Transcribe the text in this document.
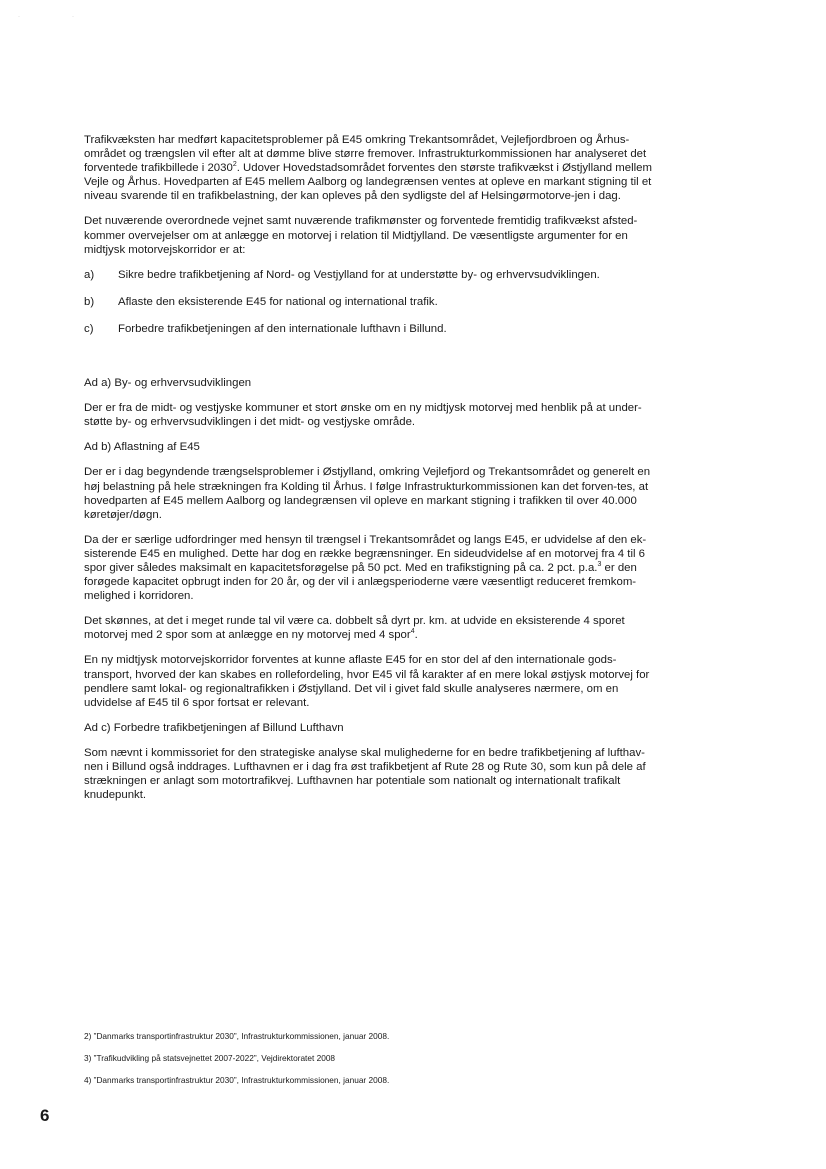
·	·

Trafikvæksten har medført kapacitetsproblemer på E45 omkring Trekantsområdet, Vejlefjordbroen og Århus-området og trængslen vil efter alt at dømme blive større fremover. Infrastrukturkommissionen har analyseret det forventede trafikbillede i 2030$^2$. Udover Hovedstadsområdet forventes den største trafikvækst i Østjylland mellem Vejle og Århus. Hovedparten af E45 mellem Aalborg og landegrænsen ventes at opleve en markant stigning til et niveau svarende til en trafikbelastning, der kan opleves på den sydligste del af Helsingørmotorve-jen i dag.

Det nuværende overordnede vejnet samt nuværende trafikmønster og forventede fremtidig trafikvækst afsted-kommer overvejelser om at anlægge en motorvej i relation til Midtjylland. De væsentligste argumenter for en midtjysk motorvejskorridor er at:

a)	Sikre bedre trafikbetjening af Nord- og Vestjylland for at understøtte by- og erhvervsudviklingen.
b)	Aflaste den eksisterende E45 for national og international trafik.
c)	Forbedre trafikbetjeningen af den internationale lufthavn i Billund.

Ad a) By- og erhvervsudviklingen

Der er fra de midt- og vestjyske kommuner et stort ønske om en ny midtjysk motorvej med henblik på at under-støtte by- og erhvervsudviklingen i det midt- og vestjyske område.

Ad b) Aflastning af E45

Der er i dag begyndende trængselsproblemer i Østjylland, omkring Vejlefjord og Trekantsområdet og generelt en høj belastning på hele strækningen fra Kolding til Århus. I følge Infrastrukturkommissionen kan det forven-tes, at hovedparten af E45 mellem Aalborg og landegrænsen vil opleve en markant stigning i trafikken til over 40.000 køretøjer/døgn.

Da der er særlige udfordringer med hensyn til trængsel i Trekantsområdet og langs E45, er udvidelse af den ek-sisterende E45 en mulighed. Dette har dog en række begrænsninger. En sideudvidelse af en motorvej fra 4 til 6 spor giver således maksimalt en kapacitetsforøgelse på 50 pct. Med en trafikstigning på ca. 2 pct. p.a.$^3$ er den forøgede kapacitet opbrugt inden for 20 år, og der vil i anlægsperioderne være væsentligt reduceret fremkom-melighed i korridoren.

Det skønnes, at det i meget runde tal vil være ca. dobbelt så dyrt pr. km. at udvide en eksisterende 4 sporet motorvej med 2 spor som at anlægge en ny motorvej med 4 spor$^4$.

En ny midtjysk motorvejskorridor forventes at kunne aflaste E45 for en stor del af den internationale gods-transport, hvorved der kan skabes en rollefordeling, hvor E45 vil få karakter af en mere lokal østjysk motorvej for pendlere samt lokal- og regionaltrafikken i Østjylland. Det vil i givet fald skulle analyseres nærmere, om en udvidelse af E45 til 6 spor fortsat er relevant.

Ad c) Forbedre trafikbetjeningen af Billund Lufthavn

Som nævnt i kommissoriet for den strategiske analyse skal mulighederne for en bedre trafikbetjening af lufthav-nen i Billund også inddrages. Lufthavnen er i dag fra øst trafikbetjent af Rute 28 og Rute 30, som kun på dele af strækningen er anlagt som motortrafikvej. Lufthavnen har potentiale som nationalt og internationalt trafikalt knudepunkt.

2) ”Danmarks transportinfrastruktur 2030”, Infrastrukturkommissionen, januar 2008.
3) ”Trafikudvikling på statsvejnettet 2007-2022”, Vejdirektoratet 2008
4) ”Danmarks transportinfrastruktur 2030”, Infrastrukturkommissionen, januar 2008.
6
